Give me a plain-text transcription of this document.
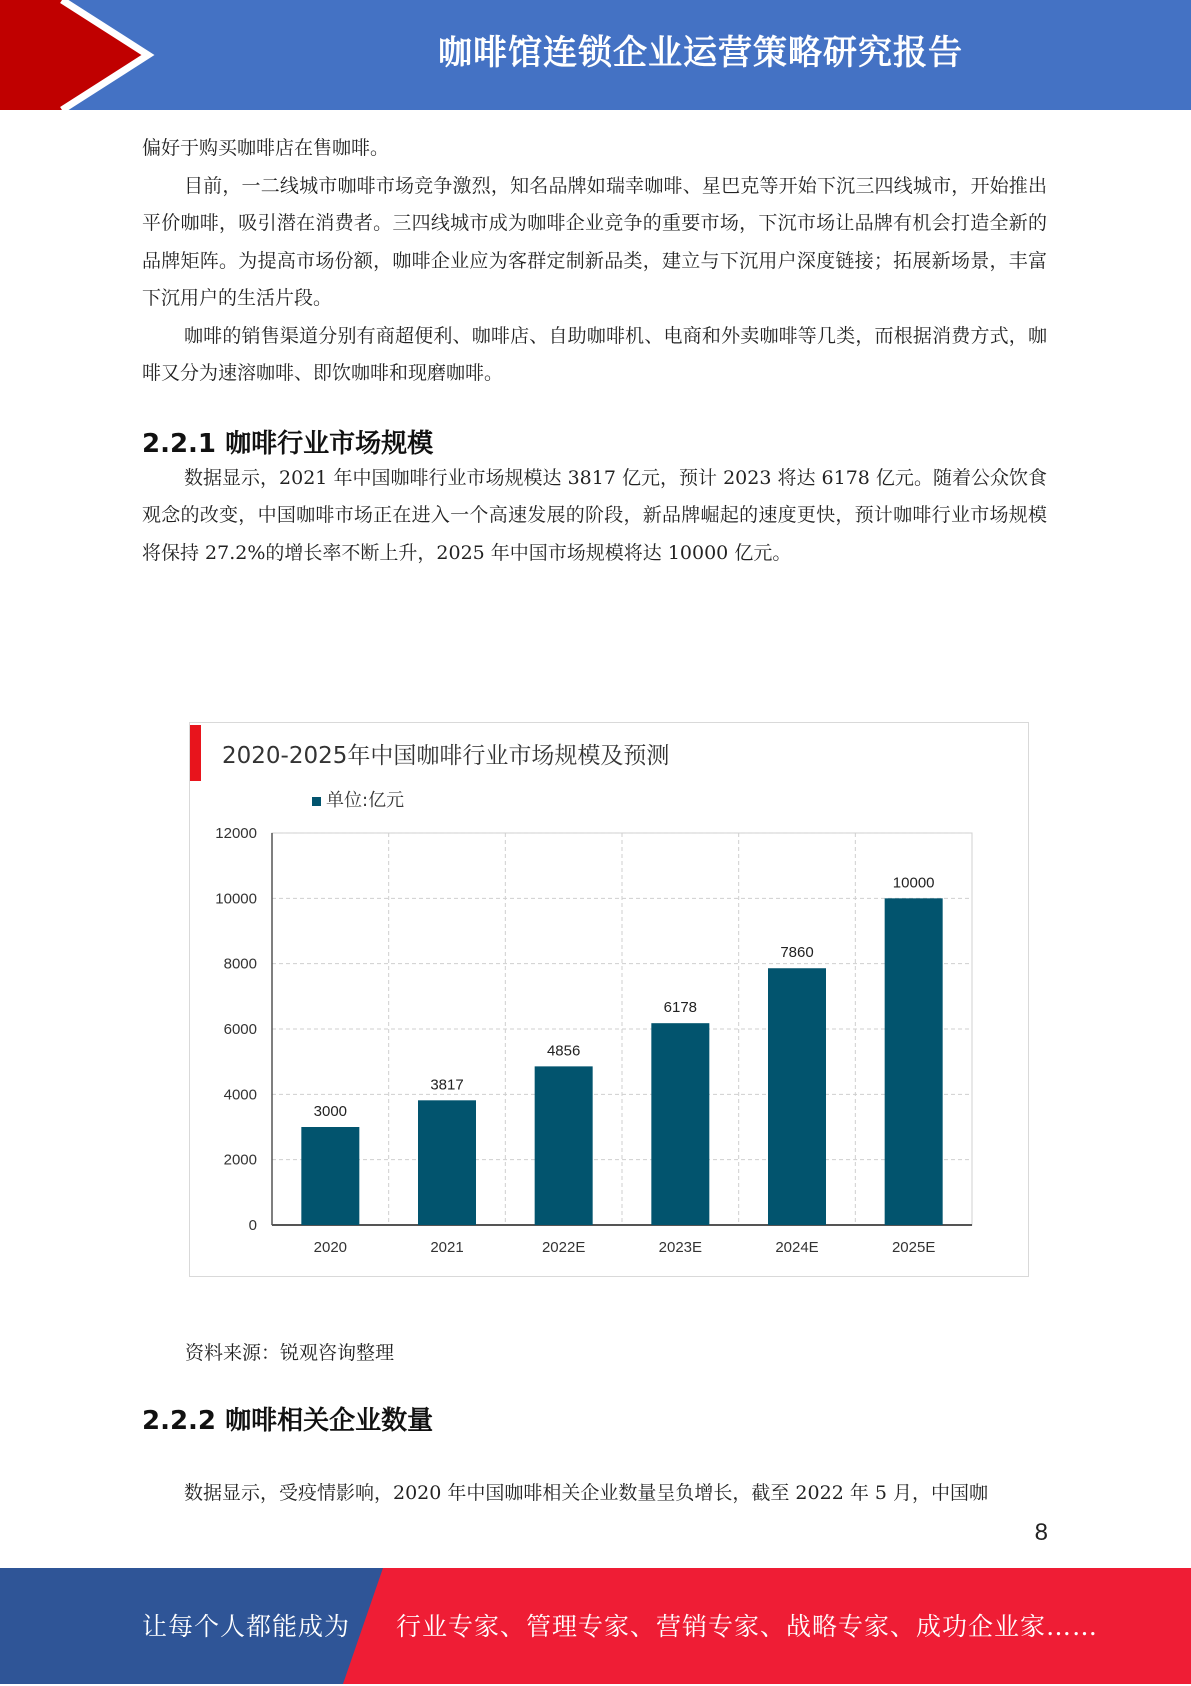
咖啡馆连锁企业运营策略研究报告

偏好于购买咖啡店在售咖啡。

目前，一二线城市咖啡市场竞争激烈，知名品牌如瑞幸咖啡、星巴克等开始下沉三四线城市，开始推出平价咖啡，吸引潜在消费者。三四线城市成为咖啡企业竞争的重要市场，下沉市场让品牌有机会打造全新的品牌矩阵。为提高市场份额，咖啡企业应为客群定制新品类，建立与下沉用户深度链接；拓展新场景，丰富下沉用户的生活片段。

咖啡的销售渠道分别有商超便利、咖啡店、自助咖啡机、电商和外卖咖啡等几类，而根据消费方式，咖啡又分为速溶咖啡、即饮咖啡和现磨咖啡。

2.2.1 咖啡行业市场规模

数据显示，2021 年中国咖啡行业市场规模达 3817 亿元，预计 2023 将达 6178 亿元。随着公众饮食观念的改变，中国咖啡市场正在进入一个高速发展的阶段，新品牌崛起的速度更快，预计咖啡行业市场规模将保持 27.2%的增长率不断上升，2025 年中国市场规模将达 10000 亿元。

2020-2025年中国咖啡行业市场规模及预测
单位:亿元
0
2000
4000
6000
8000
10000
12000
3000
2020
3817
2021
4856
2022E
6178
2023E
7860
2024E
10000
2025E
资料来源：锐观咨询整理
2.2.2 咖啡相关企业数量

数据显示，受疫情影响，2020 年中国咖啡相关企业数量呈负增长，截至 2022 年 5 月，中国咖

8
让每个人都能成为 行业专家、管理专家、营销专家、战略专家、成功企业家……
